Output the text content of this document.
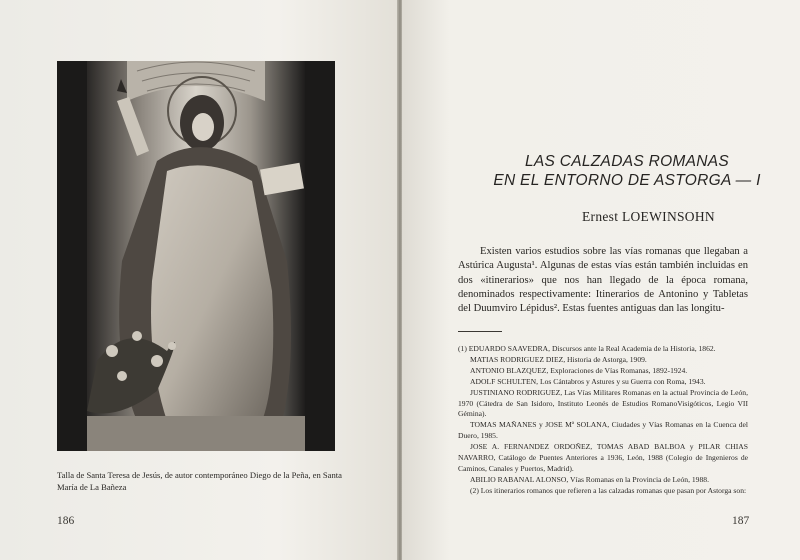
Talla de Santa Teresa de Jesús, de autor contemporáneo Diego de la Peña, en Santa María de La Bañeza
186
LAS CALZADAS ROMANAS
EN EL ENTORNO DE ASTORGA — I
Ernest LOEWINSOHN

Existen varios estudios sobre las vías romanas que llegaban a Astúrica Augusta¹. Algunas de estas vías están también incluidas en dos «itinerarios» que nos han llegado de la época romana, denominados respectivamente: Itinerarios de Antonino y Tabletas del Duumviro Lépidus². Estas fuentes antiguas dan las longitu-

(1) EDUARDO SAAVEDRA, Discursos ante la Real Academia de la Historia, 1862.

MATIAS RODRIGUEZ DIEZ, Historia de Astorga, 1909.

ANTONIO BLAZQUEZ, Exploraciones de Vías Romanas, 1892-1924.

ADOLF SCHULTEN, Los Cántabros y Astures y su Guerra con Roma, 1943.

JUSTINIANO RODRIGUEZ, Las Vías Militares Romanas en la actual Provincia de León, 1970 (Cátedra de San Isidoro, Instituto Leonés de Estudios RomanoVisigóticos, Legio VII Gémina).

TOMAS MAÑANES y JOSE Mª SOLANA, Ciudades y Vías Romanas en la Cuenca del Duero, 1985.

JOSE A. FERNANDEZ ORDOÑEZ, TOMAS ABAD BALBOA y PILAR CHIAS NAVARRO, Catálogo de Puentes Anteriores a 1936, León, 1988 (Colegio de Ingenieros de Caminos, Canales y Puertos, Madrid).

ABILIO RABANAL ALONSO, Vías Romanas en la Provincia de León, 1988.

(2) Los itinerarios romanos que refieren a las calzadas romanas que pasan por Astorga son:

187
